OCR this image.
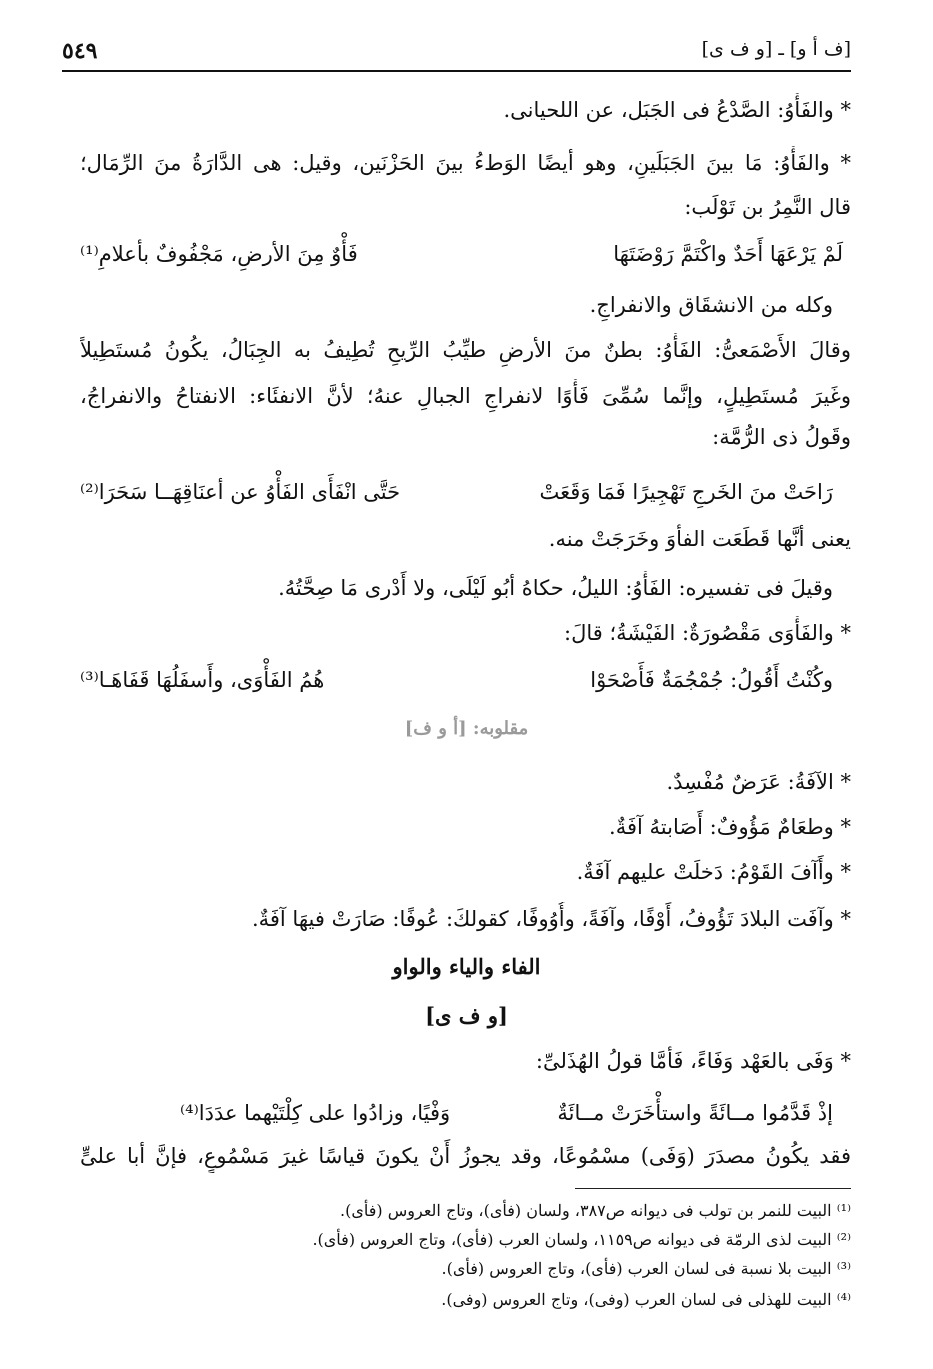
[ف أ و] ـ [و ف ى]
٥٤٩
* والفَأْوُ: الصَّدْعُ فى الجَبَل، عن اللحيانى.
* والفَأْوُ: مَا بينَ الجَبَلَينِ، وهو أيضًا الوَطءُ بينَ الحَزْنَين، وقيل: هى الدَّارَةُ منَ الرِّمَال؛
قال النَّمِرُ بن تَوْلَب:
لَمْ يَرْعَهَا أَحَدٌ واكْتَمَّ رَوْضَتَهَا
فَأْوٌ مِنَ الأرضِ، مَجْفُوفٌ بأعلامِ⁽¹⁾
وكله من الانشقَاق والانفراجِ.
وقالَ الأَصْمَعىُّ: الفَأْوُ: بطنٌ منَ الأرضِ طيِّبُ الرِّيحِ تُطِيفُ به الجِبَالُ، يكُونُ مُستَطِيلاً
وغَيرَ مُستَطِيلٍ، وإنَّما سُمِّىَ فَأْوًا لانفراجِ الجبالِ عنهُ؛ لأنَّ الانفئَاء: الانفتاحُ والانفراجُ،
وقَولُ ذى الرُّمَّة:
رَاحَتْ منَ الخَرجِ تَهْجِيرًا فَمَا وَقَعَتْ
حَتَّى انْفَأَى الفَأْوُ عن أعنَاقِهَــا سَحَرَا⁽²⁾
يعنى أنَّها قَطَعَت الفأوَ وخَرَجَتْ منه.
وقيلَ فى تفسيره: الفَأْوُ: الليلُ، حكاهُ أبُو لَيْلَى، ولا أَدْرى مَا صِحَّتُهُ.
* والفَأْوَى مَقْصُورَةٌ: الفَيْشَةُ؛ قالَ:
وكُنْتُ أَقُولُ: جُمْجُمَةٌ فَأَصْحَوْا
هُمُ الفَأْوَى، وأَسفَلُهَا قَفَاهَـا⁽³⁾
مقلوبه: [أ و ف]
* الآفَةُ: عَرَضٌ مُفْسِدٌ.
* وطعَامٌ مَؤُوفٌ: أَصَابتهُ آفَةٌ.
* وأَآفَ القَوْمُ: دَخلَتْ عليهم آفَةٌ.
* وآفَت البلادَ تَؤُوفُ، أَوْفًا، وآفَةً، وأُوُوفًا، كقولكَ: عُوفًا: صَارَتْ فيهَا آفَةٌ.
الفاء والياء والواو
[و ف ى]
* وَفَى بالعَهْد وَفَاءً، فَأمَّا قولُ الهُذَلىِّ:
إذْ قَدَّمُوا مــائَةً واستأْخَرَتْ مــائَةٌ
وَفْيًا، وزادُوا على كِلْتَيْهما عدَدَا⁽⁴⁾
فقد يكُونُ مصدَرَ (وَفَى) مسْمُوعًا، وقد يجوزُ أَنْ يكونَ قياسًا غيرَ مَسْمُوعٍ، فإنَّ أبا علىٍّ
⁽¹⁾ البيت للنمر بن تولب فى ديوانه ص٣٨٧، ولسان (فأى)، وتاج العروس (فأى).
⁽²⁾ البيت لذى الرمّة فى ديوانه ص١١٥٩، ولسان العرب (فأى)، وتاج العروس (فأى).
⁽³⁾ البيت بلا نسبة فى لسان العرب (فأى)، وتاج العروس (فأى).
⁽⁴⁾ البيت للهذلى فى لسان العرب (وفى)، وتاج العروس (وفى).
